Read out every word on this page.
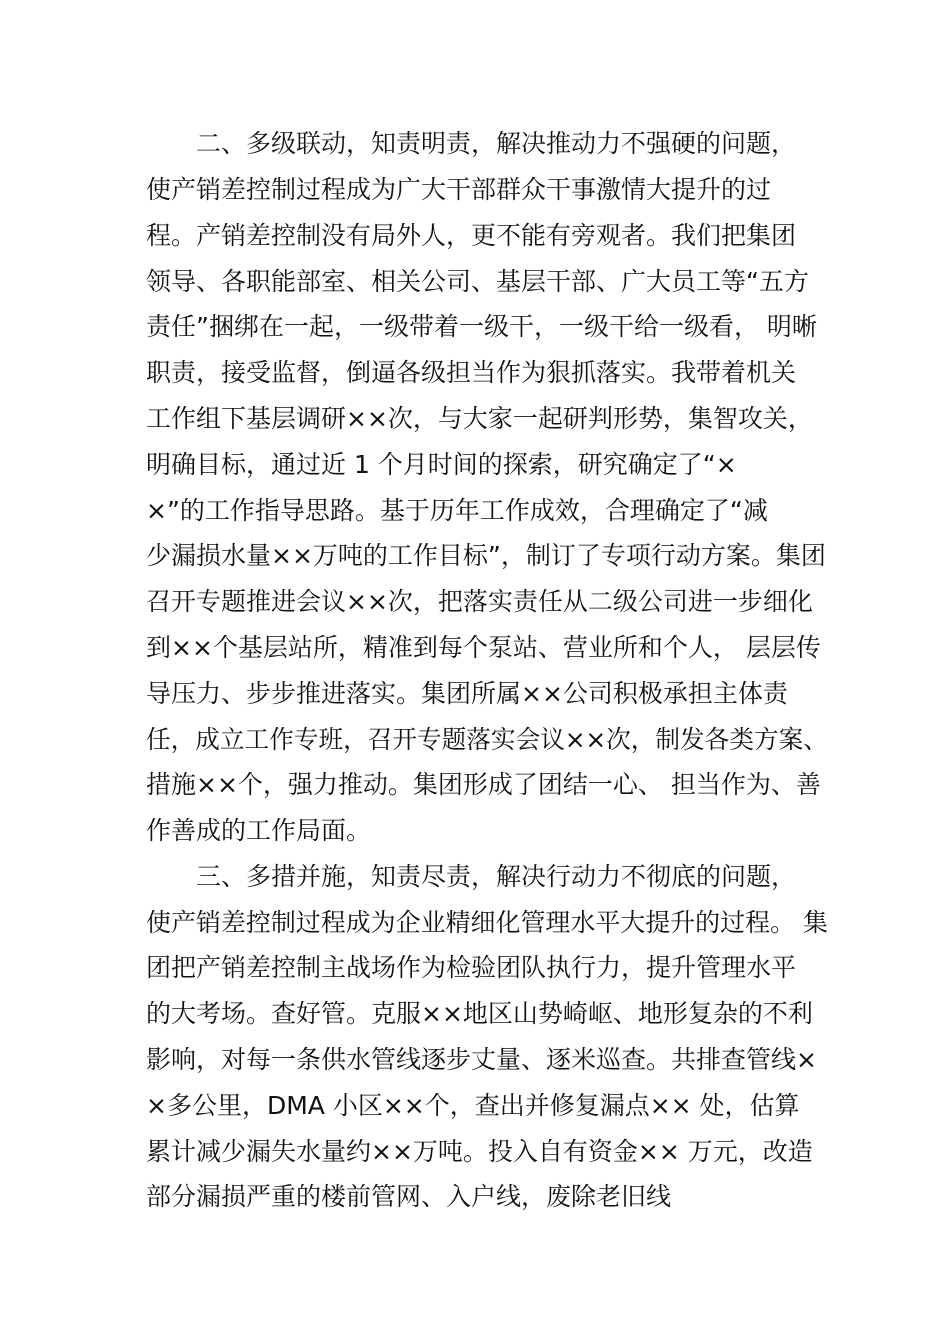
二、多级联动，知责明责，解决推动力不强硬的问题，
使产销差控制过程成为广大干部群众干事激情大提升的过
程。产销差控制没有局外人，更不能有旁观者。我们把集团
领导、各职能部室、相关公司、基层干部、广大员工等“五方
责任”捆绑在一起，一级带着一级干，一级干给一级看， 明晰
职责，接受监督，倒逼各级担当作为狠抓落实。我带着机关
工作组下基层调研××次，与大家一起研判形势，集智攻关，
明确目标，通过近 1 个月时间的探索，研究确定了“×
×”的工作指导思路。基于历年工作成效，合理确定了“减
少漏损水量××万吨的工作目标”，制订了专项行动方案。集团
召开专题推进会议××次，把落实责任从二级公司进一步细化
到××个基层站所，精准到每个泵站、营业所和个人， 层层传
导压力、步步推进落实。集团所属××公司积极承担主体责
任，成立工作专班，召开专题落实会议××次，制发各类方案、
措施××个，强力推动。集团形成了团结一心、 担当作为、善
作善成的工作局面。
三、多措并施，知责尽责，解决行动力不彻底的问题，
使产销差控制过程成为企业精细化管理水平大提升的过程。 集
团把产销差控制主战场作为检验团队执行力，提升管理水平
的大考场。查好管。克服××地区山势崎岖、地形复杂的不利
影响，对每一条供水管线逐步丈量、逐米巡查。共排查管线×
×多公里，DMA 小区××个，查出并修复漏点×× 处，估算
累计减少漏失水量约××万吨。投入自有资金×× 万元，改造
部分漏损严重的楼前管网、入户线，废除老旧线
